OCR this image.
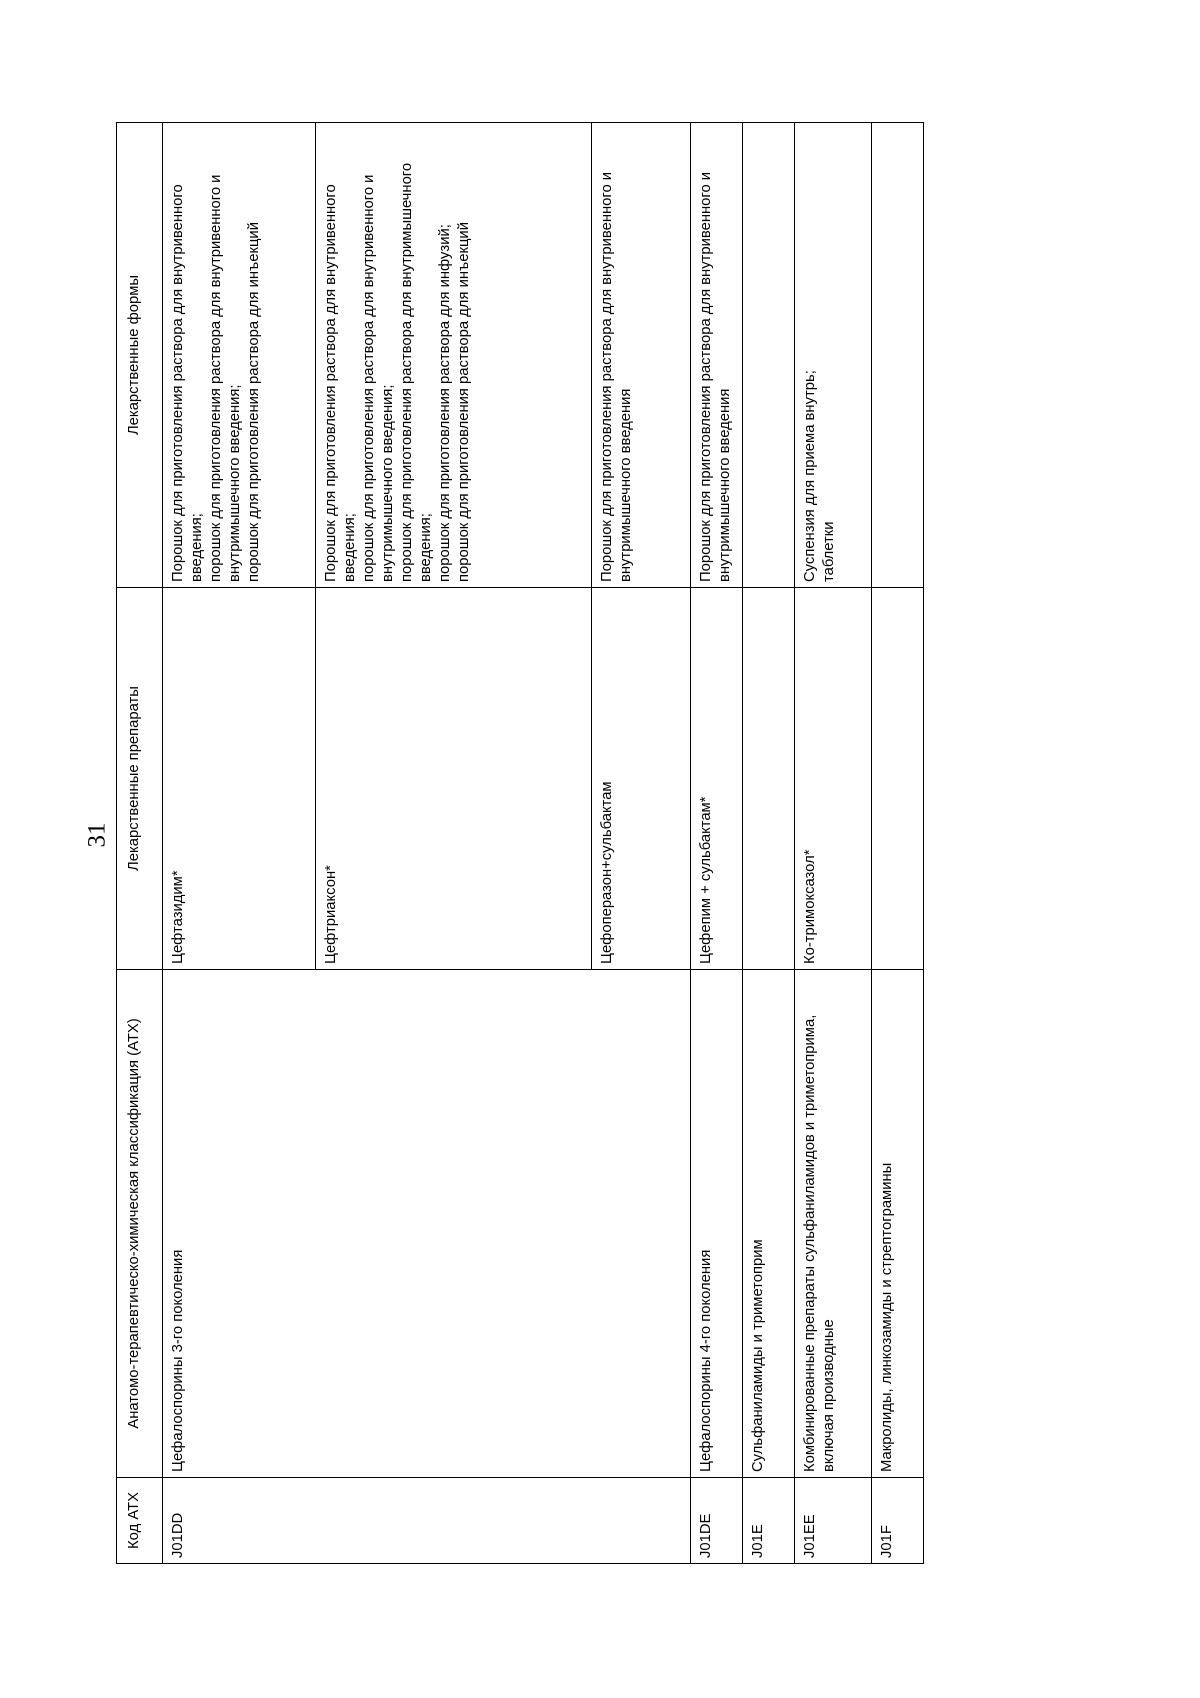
31
Код АТХ	Анатомо-терапевтическо-химическая классификация (АТХ)	Лекарственные препараты	Лекарственные формы
J01DD	Цефалоспорины 3-го поколения	Цефтазидим*	Порошок для приготовления раствора для внутривенного введения; порошок для приготовления раствора для внутривенного и внутримышечного введения; порошок для приготовления раствора для инъекций

		Цефтриаксон*	Порошок для приготовления раствора для внутривенного введения; порошок для приготовления раствора для внутривенного и внутримышечного введения; порошок для приготовления раствора для внутримышечного введения; порошок для приготовления раствора для инфузий; порошок для приготовления раствора для инъекций

		Цефоперазон+сульбактам	Порошок для приготовления раствора для внутривенного и внутримышечного введения

J01DE	Цефалоспорины 4-го поколения	Цефепим + сульбактам*	Порошок для приготовления раствора для внутривенного и внутримышечного введения
J01E	Сульфаниламиды и триметоприм		
J01EE	Комбинированные препараты сульфаниламидов и триметоприма, включая производные	Ко-тримоксазол*	Суспензия для приема внутрь; таблетки

J01F	Макролиды, линкозамиды и стрептограмины		
